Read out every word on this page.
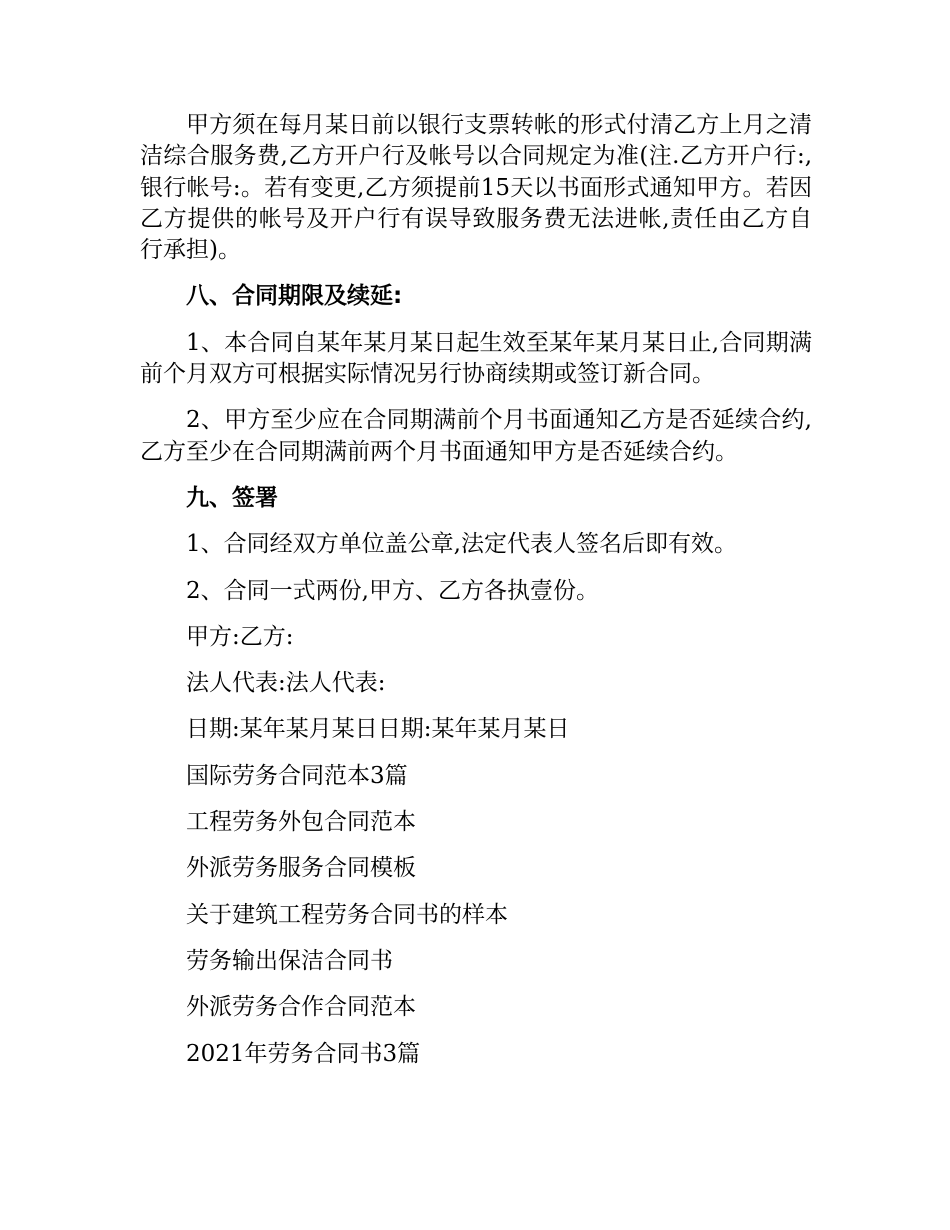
甲方须在每月某日前以银行支票转帐的形式付清乙方上月之清洁综合服务费,乙方开户行及帐号以合同规定为准(注.乙方开户行:,银行帐号:。若有变更,乙方须提前15天以书面形式通知甲方。若因乙方提供的帐号及开户行有误导致服务费无法进帐,责任由乙方自行承担)。

八、合同期限及续延:

1、本合同自某年某月某日起生效至某年某月某日止,合同期满前个月双方可根据实际情况另行协商续期或签订新合同。

2、甲方至少应在合同期满前个月书面通知乙方是否延续合约,乙方至少在合同期满前两个月书面通知甲方是否延续合约。

九、签署

1、合同经双方单位盖公章,法定代表人签名后即有效。

2、合同一式两份,甲方、乙方各执壹份。

甲方:乙方:

法人代表:法人代表:

日期:某年某月某日日期:某年某月某日

国际劳务合同范本3篇

工程劳务外包合同范本

外派劳务服务合同模板

关于建筑工程劳务合同书的样本

劳务输出保洁合同书

外派劳务合作合同范本

2021年劳务合同书3篇
